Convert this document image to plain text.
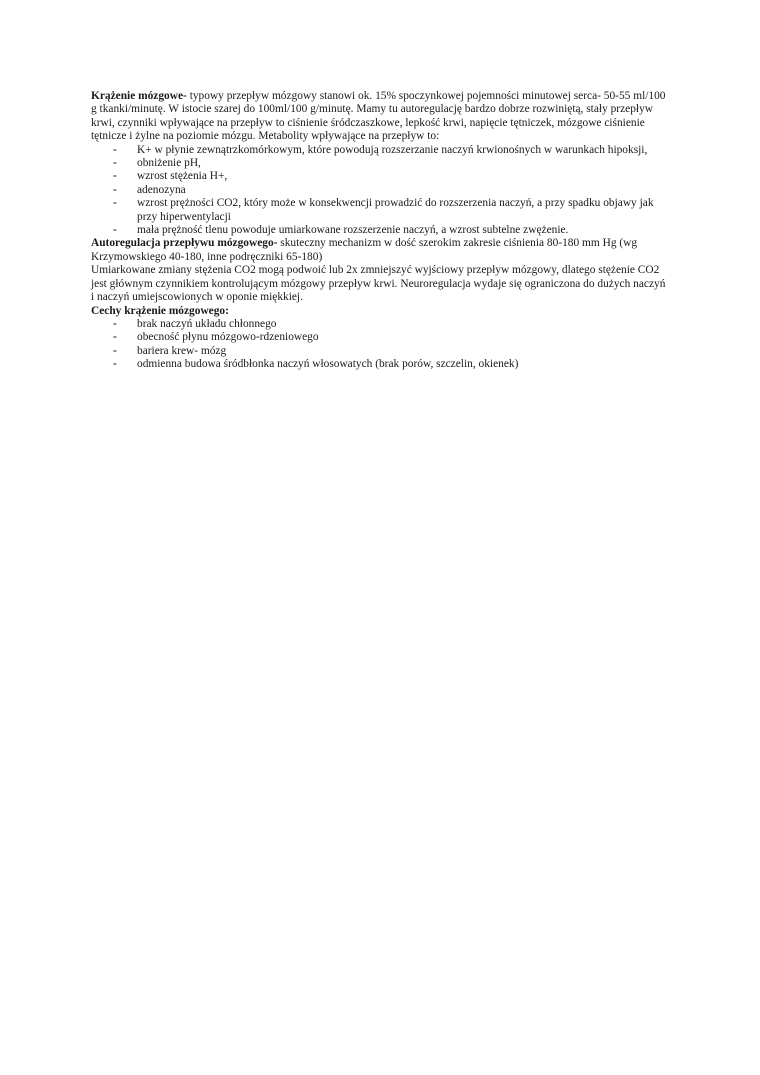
Krążenie mózgowe- typowy przepływ mózgowy stanowi ok. 15% spoczynkowej pojemności minutowej serca- 50-55 ml/100 g tkanki/minutę. W istocie szarej do 100ml/100 g/minutę. Mamy tu autoregulację bardzo dobrze rozwiniętą, stały przepływ krwi, czynniki wpływające na przepływ to ciśnienie śródczaszkowe, lepkość krwi, napięcie tętniczek, mózgowe ciśnienie tętnicze i żylne na poziomie mózgu. Metabolity wpływające na przepływ to:

- K+ w płynie zewnątrzkomórkowym, które powodują rozszerzanie naczyń krwionośnych w warunkach hipoksji,
- obniżenie pH,
- wzrost stężenia H+,
- adenozyna
- wzrost prężności CO2, który może w konsekwencji prowadzić do rozszerzenia naczyń, a przy spadku objawy jak przy hiperwentylacji
- mała prężność tlenu powoduje umiarkowane rozszerzenie naczyń, a wzrost subtelne zwężenie.

Autoregulacja przepływu mózgowego- skuteczny mechanizm w dość szerokim zakresie ciśnienia 80-180 mm Hg (wg Krzymowskiego 40-180, inne podręczniki 65-180)

Umiarkowane zmiany stężenia CO2 mogą podwoić lub 2x zmniejszyć wyjściowy przepływ mózgowy, dlatego stężenie CO2 jest głównym czynnikiem kontrolującym mózgowy przepływ krwi. Neuroregulacja wydaje się ograniczona do dużych naczyń i naczyń umiejscowionych w oponie miękkiej.

Cechy krążenie mózgowego:

- brak naczyń układu chłonnego
- obecność płynu mózgowo-rdzeniowego
- bariera krew- mózg
- odmienna budowa śródbłonka naczyń włosowatych (brak porów, szczelin, okienek)
